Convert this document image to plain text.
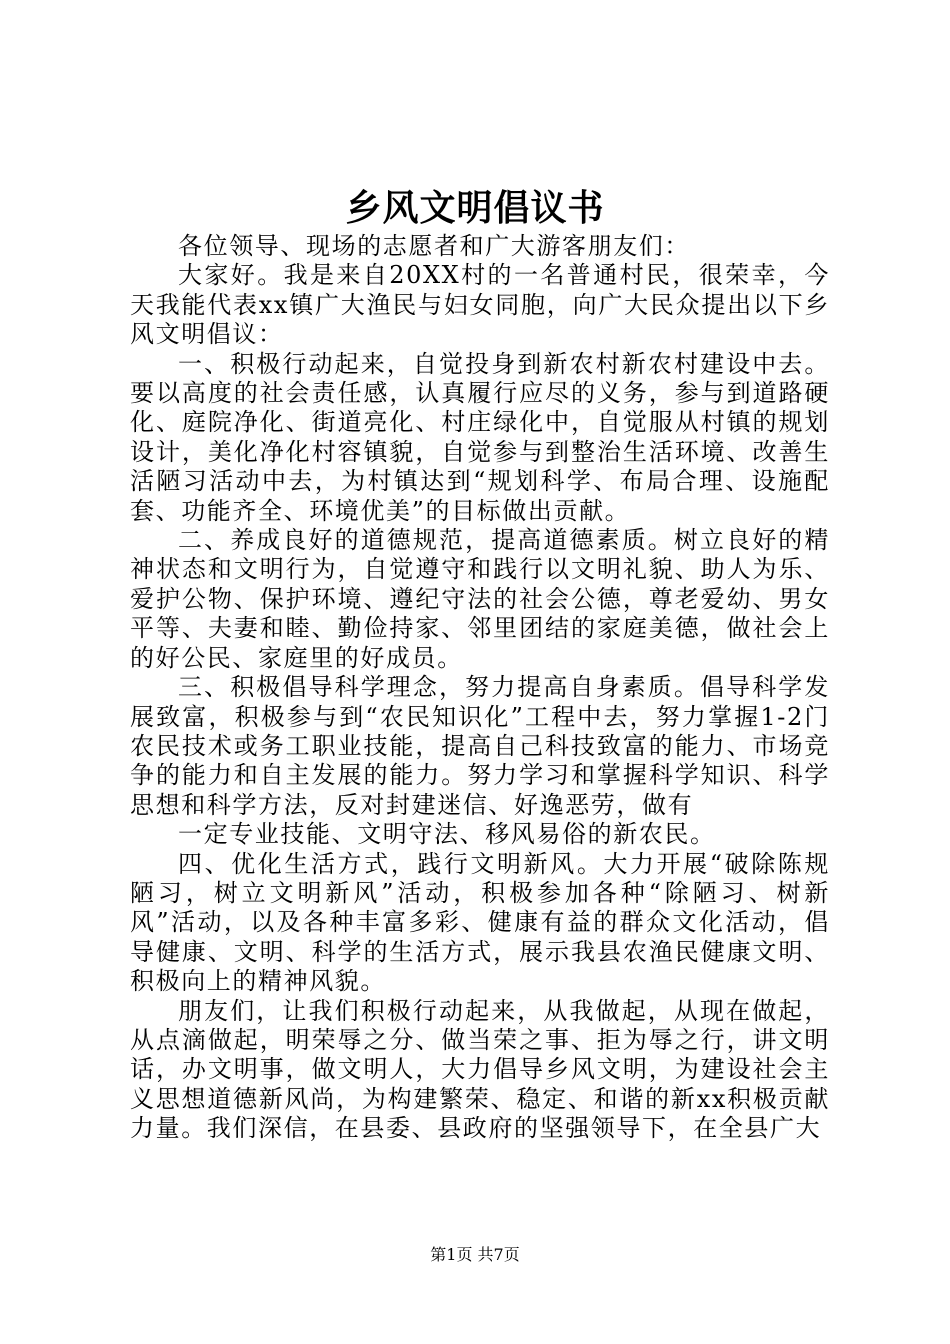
乡风文明倡议书

各位领导、现场的志愿者和广大游客朋友们：

大家好。我是来自20XX村的一名普通村民，很荣幸，今天我能代表xx镇广大渔民与妇女同胞，向广大民众提出以下乡风文明倡议：

一、积极行动起来，自觉投身到新农村新农村建设中去。要以高度的社会责任感，认真履行应尽的义务，参与到道路硬化、庭院净化、街道亮化、村庄绿化中，自觉服从村镇的规划设计，美化净化村容镇貌，自觉参与到整治生活环境、改善生活陋习活动中去，为村镇达到“规划科学、布局合理、设施配套、功能齐全、环境优美”的目标做出贡献。

二、养成良好的道德规范，提高道德素质。树立良好的精神状态和文明行为，自觉遵守和践行以文明礼貌、助人为乐、爱护公物、保护环境、遵纪守法的社会公德，尊老爱幼、男女平等、夫妻和睦、勤俭持家、邻里团结的家庭美德，做社会上的好公民、家庭里的好成员。

三、积极倡导科学理念，努力提高自身素质。倡导科学发展致富，积极参与到“农民知识化”工程中去，努力掌握1-2门农民技术或务工职业技能，提高自己科技致富的能力、市场竞争的能力和自主发展的能力。努力学习和掌握科学知识、科学思想和科学方法，反对封建迷信、好逸恶劳，做有

一定专业技能、文明守法、移风易俗的新农民。

四、优化生活方式，践行文明新风。大力开展“破除陈规陋习，树立文明新风”活动，积极参加各种“除陋习、树新风”活动，以及各种丰富多彩、健康有益的群众文化活动，倡导健康、文明、科学的生活方式，展示我县农渔民健康文明、积极向上的精神风貌。

朋友们，让我们积极行动起来，从我做起，从现在做起，从点滴做起，明荣辱之分、做当荣之事、拒为辱之行，讲文明话，办文明事，做文明人，大力倡导乡风文明，为建设社会主义思想道德新风尚，为构建繁荣、稳定、和谐的新xx积极贡献力量。我们深信，在县委、县政府的坚强领导下，在全县广大

第1页 共7页
